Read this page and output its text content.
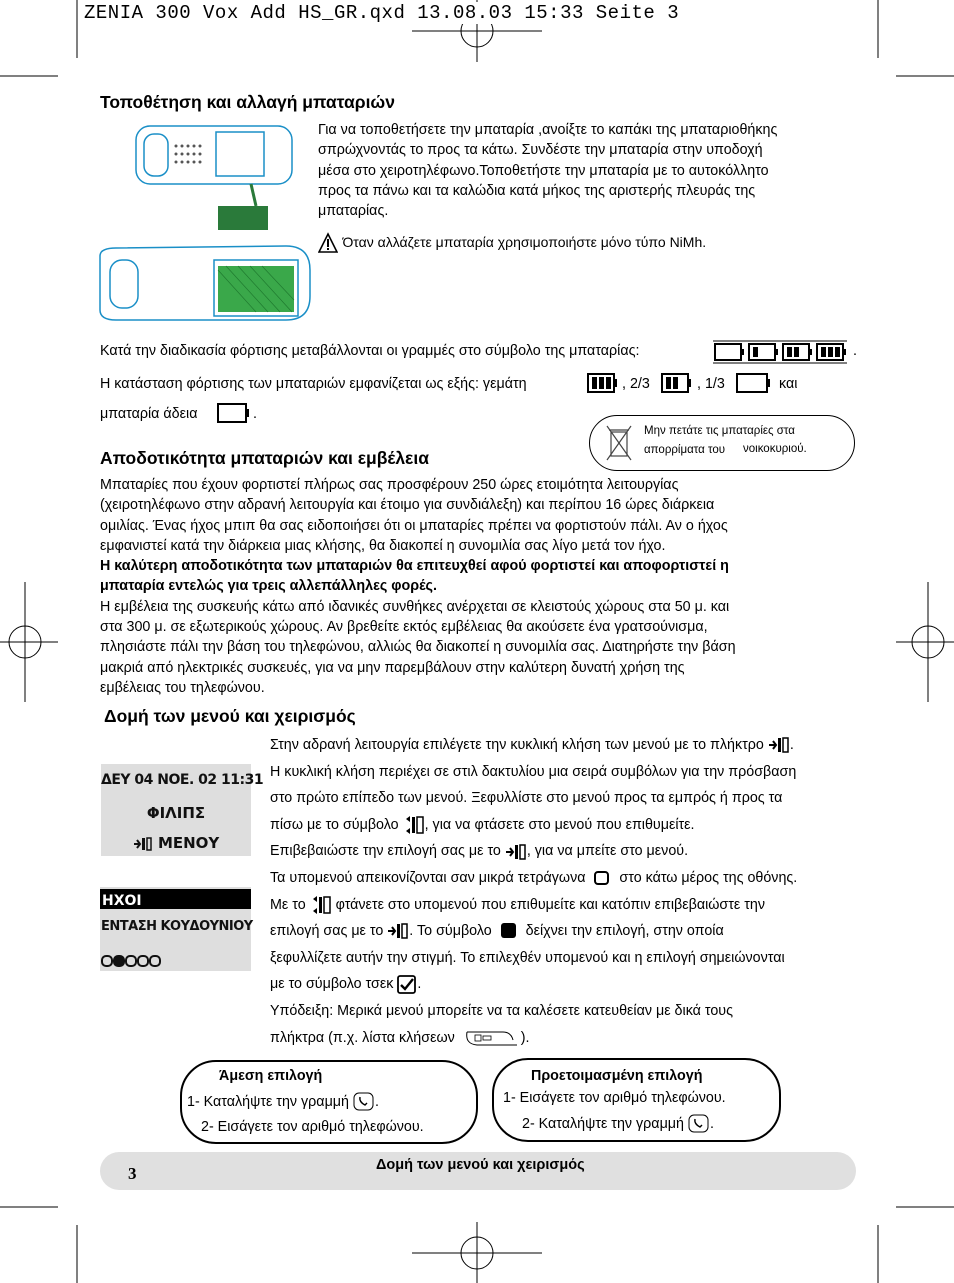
ZENIA 300 Vox Add HS_GR.qxd 13.08.03 15:33 Seite 3
Τοποθέτηση και αλλαγή μπαταριών
Για να τοποθετήσετε την μπαταρία ,ανοίξτε το καπάκι της μπαταριοθήκης
σπρώχνοντάς το προς τα κάτω. Συνδέστε την μπαταρία στην υποδοχή
μέσα στο χειροτηλέφωνο.Τοποθετήστε την μπαταρία με το αυτοκόλλητο
προς τα πάνω και τα καλώδια κατά μήκος της αριστερής πλευράς της
μπαταρίας.
Όταν αλλάζετε μπαταρία χρησιμοποιήστε μόνο τύπο NiMh.
Κατά την διαδικασία φόρτισης μεταβάλλονται οι γραμμές στο σύμβολο της μπαταρίας:	.
Η κατάσταση φόρτισης των μπαταριών εμφανίζεται ως εξής: γεμάτη	, 2/3	, 1/3	και
μπαταρία άδεια	.
Μην πετάτε τις μπαταρίες στα
απορρίματα του νοικοκυριού.
Αποδοτικότητα μπαταριών και εμβέλεια
Μπαταρίες που έχουν φορτιστεί πλήρως σας προσφέρουν 250 ώρες ετοιμότητα λειτουργίας
(χειροτηλέφωνο στην αδρανή λειτουργία και έτοιμο για συνδιάλεξη) και περίπου 16 ώρες διάρκεια
ομιλίας. Ένας ήχος μπιπ θα σας ειδοποιήσει ότι οι μπαταρίες πρέπει να φορτιστούν πάλι. Αν ο ήχος
εμφανιστεί κατά την διάρκεια μιας κλήσης, θα διακοπεί η συνομιλία σας λίγο μετά τον ήχο.
Η καλύτερη αποδοτικότητα των μπαταριών θα επιτευχθεί αφού φορτιστεί και αποφορτιστεί η
μπαταρία εντελώς για τρεις αλλεπάλληλες φορές.
Η εμβέλεια της συσκευής κάτω από ιδανικές συνθήκες ανέρχεται σε κλειστούς χώρους στα 50 μ. και
στα 300 μ. σε εξωτερικούς χώρους. Αν βρεθείτε εκτός εμβέλειας θα ακούσετε ένα γρατσούνισμα,
πλησιάστε πάλι την βάση του τηλεφώνου, αλλιώς θα διακοπεί η συνομιλία σας. Διατηρήστε την βάση
μακριά από ηλεκτρικές συσκευές, για να μην παρεμβάλουν στην καλύτερη δυνατή χρήση της
εμβέλειας του τηλεφώνου.
Δομή των μενού και χειρισμός
ΔΕΥ 04 ΝΟΕ. 02 11:31
ΦΙΛΙΠΣ
ΜΕΝΟΥ
ΗΧΟΙ
ΕΝΤΑΣΗ ΚΟΥΔΟΥΝΙΟΥ
Στην αδρανή λειτουργία επιλέγετε την κυκλική κλήση των μενού με το πλήκτρο .
Η κυκλική κλήση περιέχει σε στιλ δακτυλίου μια σειρά συμβόλων για την πρόσβαση
στο πρώτο επίπεδο των μενού. Ξεφυλλίστε στο μενού προς τα εμπρός ή προς τα
πίσω με το σύμβολο , για να φτάσετε στο μενού που επιθυμείτε.
Επιβεβαιώστε την επιλογή σας με το , για να μπείτε στο μενού.
Τα υπομενού απεικονίζονται σαν μικρά τετράγωνα στο κάτω μέρος της οθόνης.
Με το φτάνετε στο υπομενού που επιθυμείτε και κατόπιν επιβεβαιώστε την
επιλογή σας με το . Το σύμβολο δείχνει την επιλογή, στην οποία
ξεφυλλίζετε αυτήν την στιγμή. Το επιλεχθέν υπομενού και η επιλογή σημειώνονται
με το σύμβολο τσεκ .
Υπόδειξη: Μερικά μενού μπορείτε να τα καλέσετε κατευθείαν με δικά τους
πλήκτρα (π.χ. λίστα κλήσεων	).
Άμεση επιλογή
1- Καταλήψτε την γραμμή .
2- Εισάγετε τον αριθμό τηλεφώνου.
Προετοιμασμένη επιλογή
1- Εισάγετε τον αριθμό τηλεφώνου.
2- Καταλήψτε την γραμμή .
3	Δομή των μενού και χειρισμός
